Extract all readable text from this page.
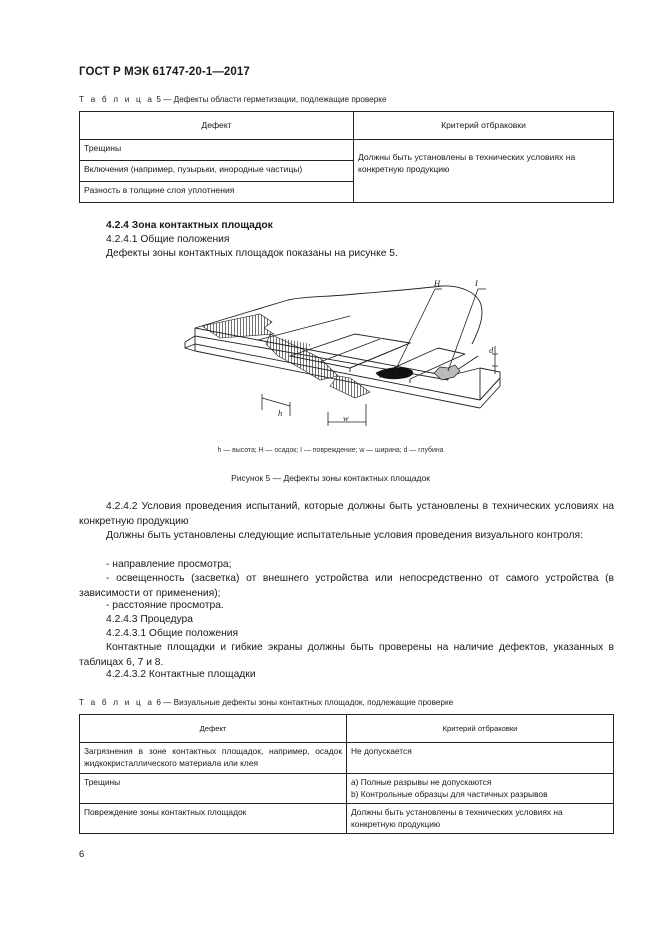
ГОСТ Р МЭК 61747-20-1—2017
Т а б л и ц а 5 — Дефекты области герметизации, подлежащие проверке
Дефект	Критерий отбраковки
Трещины	Должны быть установлены в технических условиях на конкретную продукцию
Включения (например, пузырьки, инородные частицы)	
Разность в толщине слоя уплотнения	
4.2.4 Зона контактных площадок
4.2.4.1 Общие положения
Дефекты зоны контактных площадок показаны на рисунке 5.
H	I
d
h	w
h — высота; H — осадок; I — повреждение; w — ширина; d — глубина
Рисунок 5 — Дефекты зоны контактных площадок
4.2.4.2 Условия проведения испытаний, которые должны быть установлены в технических условиях на конкретную продукцию
Должны быть установлены следующие испытательные условия проведения визуального контроля:
- направление просмотра;
- освещенность (засветка) от внешнего устройства или непосредственно от самого устройства (в зависимости от применения);
- расстояние просмотра.
4.2.4.3 Процедура
4.2.4.3.1 Общие положения
Контактные площадки и гибкие экраны должны быть проверены на наличие дефектов, указанных в таблицах 6, 7 и 8.
4.2.4.3.2 Контактные площадки
Т а б л и ц а 6 — Визуальные дефекты зоны контактных площадок, подлежащие проверке
Дефект	Критерий отбраковки
Загрязнения в зоне контактных площадок, например, осадок жидкокристаллического материала или клея	Не допускается
Трещины	a) Полные разрывы не допускаются
b) Контрольные образцы для частичных разрывов

Повреждение зоны контактных площадок	Должны быть установлены в технических условиях на конкретную продукцию
6
